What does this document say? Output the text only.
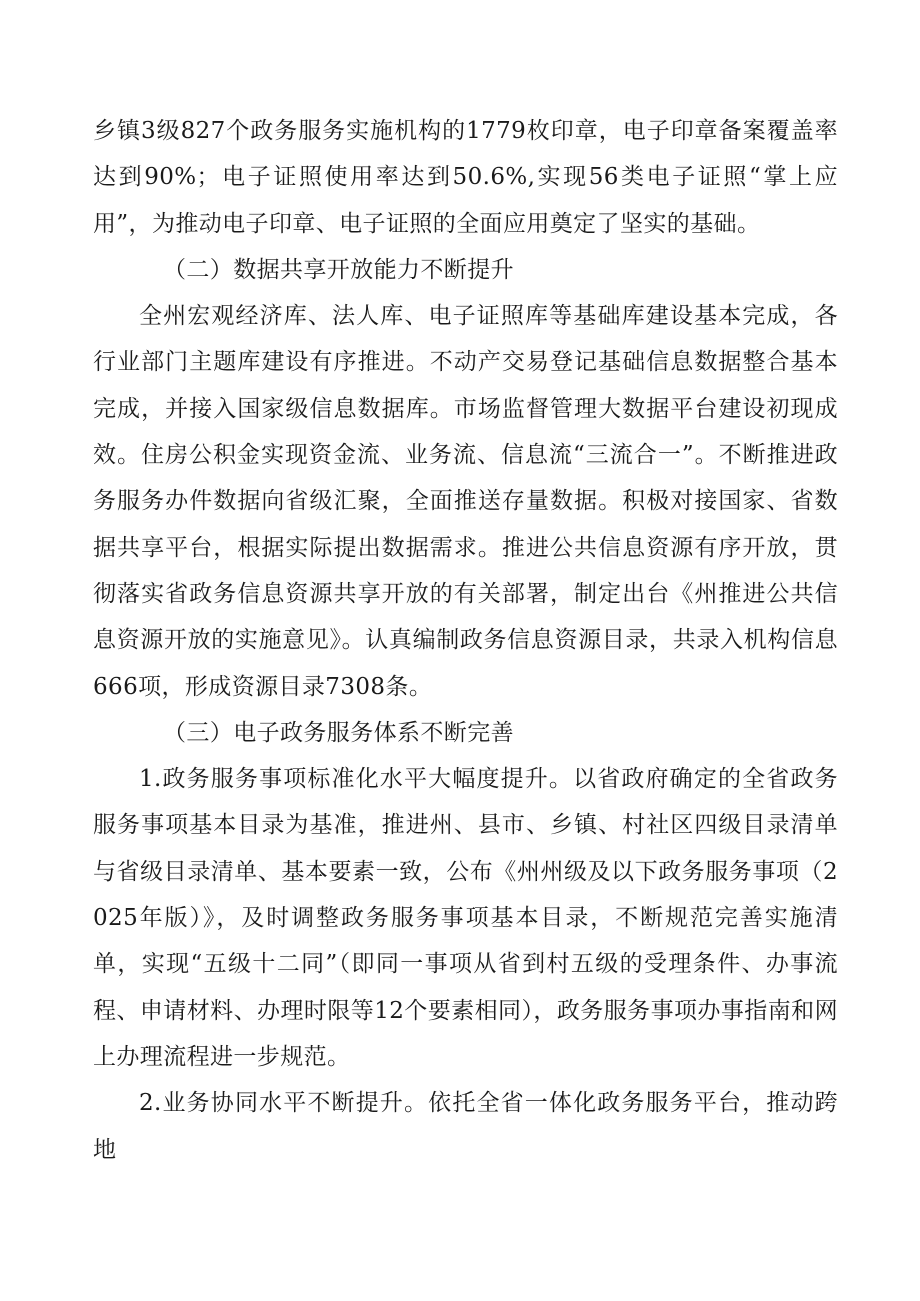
乡镇3级827个政务服务实施机构的1779枚印章，电子印章备案覆盖率达到90%；电子证照使用率达到50.6%,实现56类电子证照“掌上应用”，为推动电子印章、电子证照的全面应用奠定了坚实的基础。

（二）数据共享开放能力不断提升

全州宏观经济库、法人库、电子证照库等基础库建设基本完成，各行业部门主题库建设有序推进。不动产交易登记基础信息数据整合基本完成，并接入国家级信息数据库。市场监督管理大数据平台建设初现成效。住房公积金实现资金流、业务流、信息流“三流合一”。不断推进政务服务办件数据向省级汇聚，全面推送存量数据。积极对接国家、省数据共享平台，根据实际提出数据需求。推进公共信息资源有序开放，贯彻落实省政务信息资源共享开放的有关部署，制定出台《州推进公共信息资源开放的实施意见》。认真编制政务信息资源目录，共录入机构信息666项，形成资源目录7308条。

（三）电子政务服务体系不断完善

1.政务服务事项标准化水平大幅度提升。以省政府确定的全省政务服务事项基本目录为基准，推进州、县市、乡镇、村社区四级目录清单与省级目录清单、基本要素一致，公布《州州级及以下政务服务事项（2025年版）》，及时调整政务服务事项基本目录，不断规范完善实施清单，实现“五级十二同”（即同一事项从省到村五级的受理条件、办事流程、申请材料、办理时限等12个要素相同），政务服务事项办事指南和网上办理流程进一步规范。

2.业务协同水平不断提升。依托全省一体化政务服务平台，推动跨地
